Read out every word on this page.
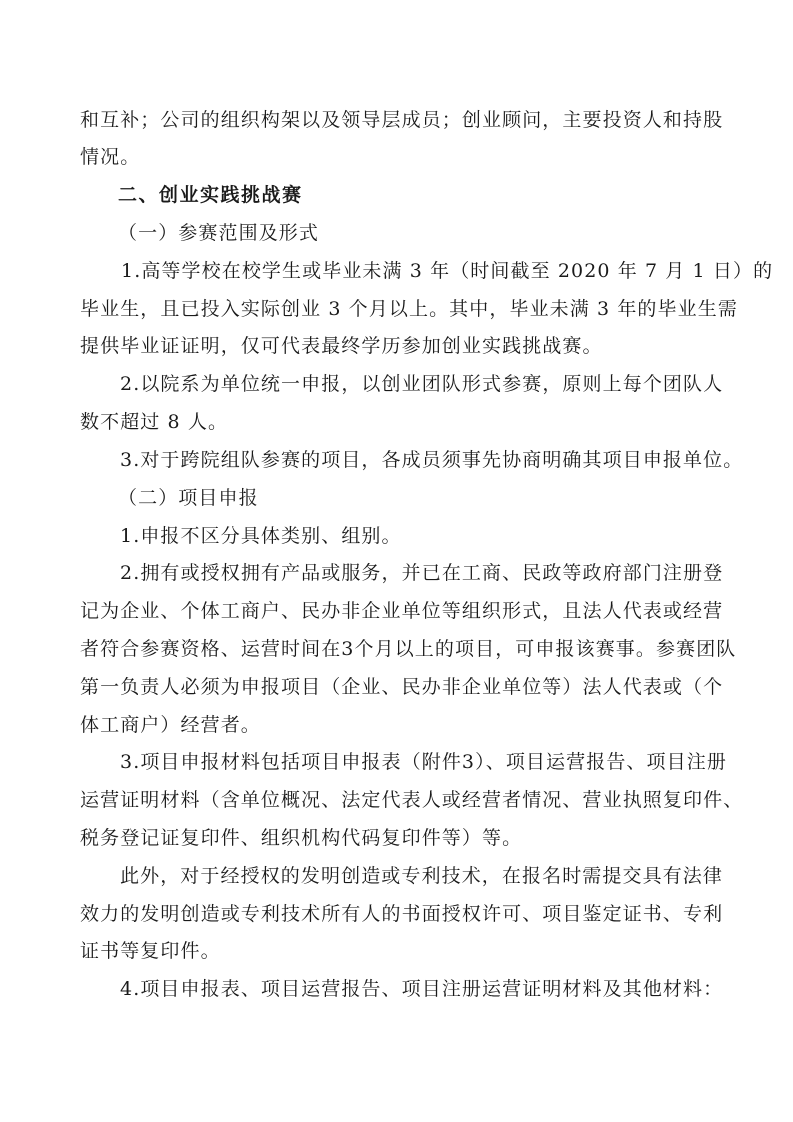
和互补；公司的组织构架以及领导层成员；创业顾问，主要投资人和持股
情况。
二、创业实践挑战赛
（一）参赛范围及形式
1.高等学校在校学生或毕业未满 3 年（时间截至 2020 年 7 月 1 日）的
毕业生，且已投入实际创业 3 个月以上。其中，毕业未满 3 年的毕业生需
提供毕业证证明，仅可代表最终学历参加创业实践挑战赛。
2.以院系为单位统一申报，以创业团队形式参赛，原则上每个团队人
数不超过 8 人。
3.对于跨院组队参赛的项目，各成员须事先协商明确其项目申报单位。
（二）项目申报
1.申报不区分具体类别、组别。
2.拥有或授权拥有产品或服务，并已在工商、民政等政府部门注册登
记为企业、个体工商户、民办非企业单位等组织形式，且法人代表或经营
者符合参赛资格、运营时间在3个月以上的项目，可申报该赛事。参赛团队
第一负责人必须为申报项目（企业、民办非企业单位等）法人代表或（个
体工商户）经营者。
3.项目申报材料包括项目申报表（附件3）、项目运营报告、项目注册
运营证明材料（含单位概况、法定代表人或经营者情况、营业执照复印件、
税务登记证复印件、组织机构代码复印件等）等。
此外，对于经授权的发明创造或专利技术，在报名时需提交具有法律
效力的发明创造或专利技术所有人的书面授权许可、项目鉴定证书、专利
证书等复印件。
4.项目申报表、项目运营报告、项目注册运营证明材料及其他材料：
